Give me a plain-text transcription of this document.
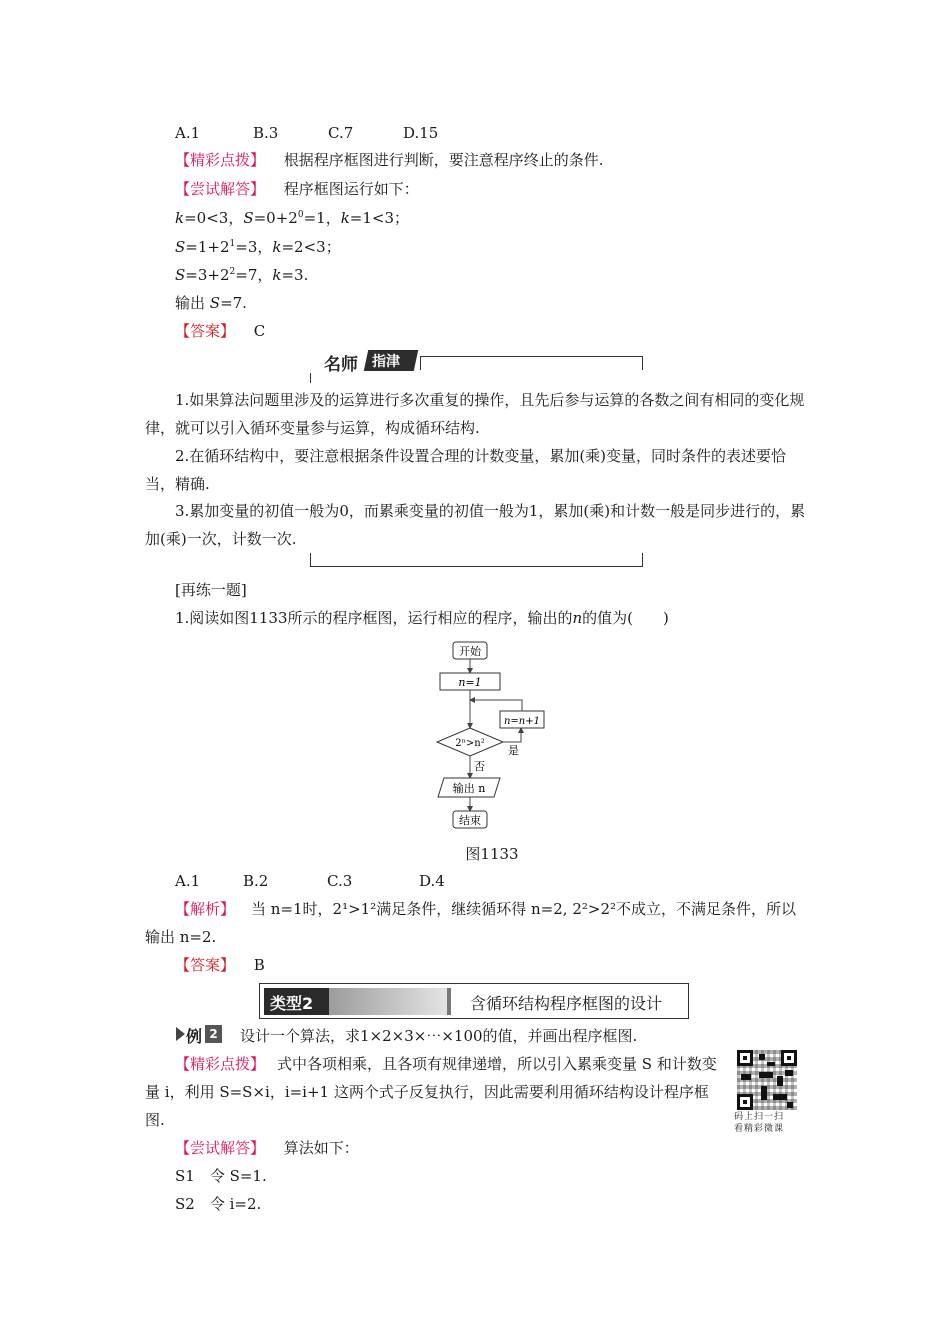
A.1	B.3	C.7	D.15
【精彩点拨】 根据程序框图进行判断，要注意程序终止的条件.
【尝试解答】 程序框图运行如下：
k=0<3，$S=0+2^0=1$，k=1<3；
$S=1+2^1=3$，k=2<3；
$S=3+2^2=7$，k=3.
输出 S=7.
【答案】 C
名师 指津
1.如果算法问题里涉及的运算进行多次重复的操作，且先后参与运算的各数之间有相同的变化规律，就可以引入循环变量参与运算，构成循环结构.
2.在循环结构中，要注意根据条件设置合理的计数变量，累加(乘)变量，同时条件的表述要恰当，精确.
3.累加变量的初值一般为0，而累乘变量的初值一般为1，累加(乘)和计数一般是同步进行的，累加(乘)一次，计数一次.
[再练一题]
1.阅读如图1133所示的程序框图，运行相应的程序，输出的n的值为(　　)
开始
n=1
2ⁿ>n²
n=n+1
是
否
输出 n
结束
图1133
A.1	B.2	C.3	D.4
【解析】 当 n=1时，2¹>1²满足条件，继续循环得 n=2, 2²>2²不成立，不满足条件，所以输出 n=2.
【答案】 B
类型2	含循环结构程序框图的设计
例 2 设计一个算法，求1×2×3×⋯×100的值，并画出程序框图.
【精彩点拨】 式中各项相乘，且各项有规律递增，所以引入累乘变量 S 和计数变量 i，利用 S=S×i，i=i+1 这两个式子反复执行，因此需要利用循环结构设计程序框图.	码上扫一扫
看精彩微课
【尝试解答】 算法如下：
S1　令 S=1.
S2　令 i=2.
